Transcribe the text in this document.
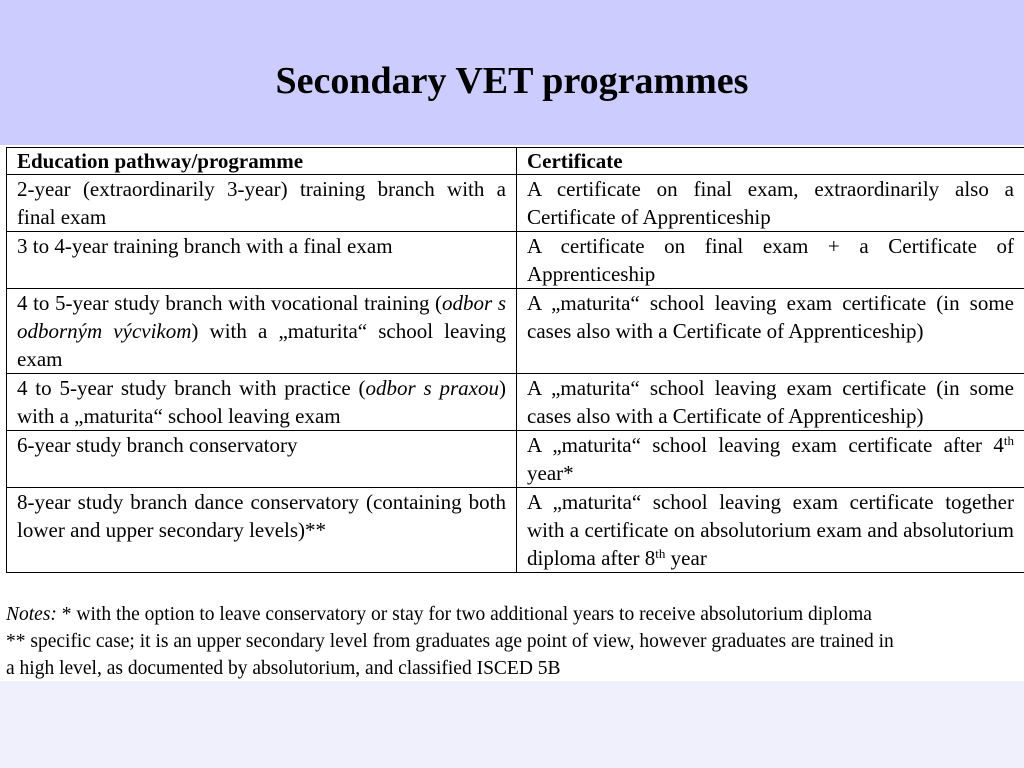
Secondary VET programmes
Education pathway/programme	Certificate
2-year (extraordinarily 3-year) training branch with a final exam	A certificate on final exam, extraordinarily also a Certificate of Apprenticeship
3 to 4-year training branch with a final exam	A certificate on final exam + a Certificate of Apprenticeship
4 to 5-year study branch with vocational training (odbor s odborným výcvikom) with a „maturita“ school leaving exam	A „maturita“ school leaving exam certificate (in some cases also with a Certificate of Apprenticeship)
4 to 5-year study branch with practice (odbor s praxou) with a „maturita“ school leaving exam	A „maturita“ school leaving exam certificate (in some cases also with a Certificate of Apprenticeship)
6-year study branch conservatory	A „maturita“ school leaving exam certificate after 4th year*
8-year study branch dance conservatory (containing both lower and upper secondary levels)**	A „maturita“ school leaving exam certificate together with a certificate on absolutorium exam and absolutorium diploma after 8th year

Notes: * with the option to leave conservatory or stay for two additional years to receive absolutorium diploma

** specific case; it is an upper secondary level from graduates age point of view, however graduates are trained in

a high level, as documented by absolutorium, and classified ISCED 5B
